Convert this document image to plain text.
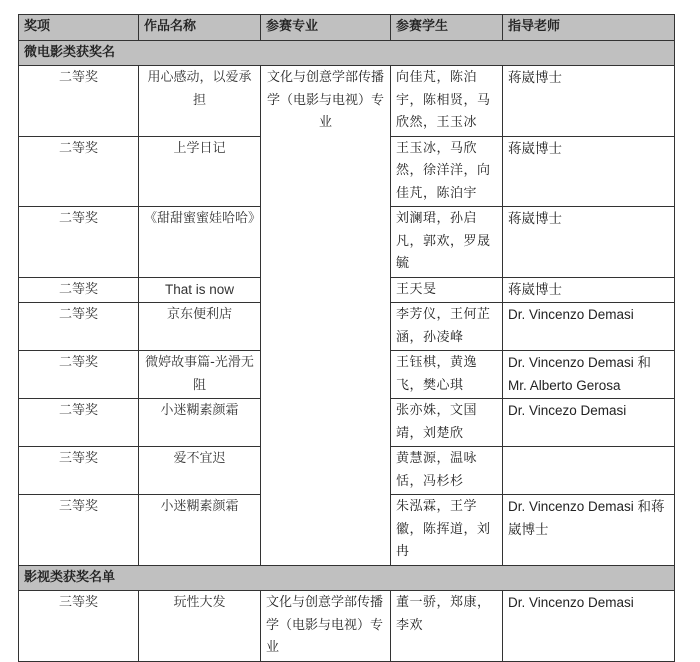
奖项	作品名称	参赛专业	参赛学生	指导老师
微电影类获奖名				
二等奖	用心感动，以爱承担	文化与创意学部传播学（电影与电视）专业	向佳芃，陈泊宇，陈相贤，马欣然，王玉冰	蒋崴博士
二等奖	上学日记		王玉冰，马欣然，徐洋洋，向佳芃，陈泊宇	蒋崴博士
二等奖	《甜甜蜜蜜娃哈哈》		刘澜珺，孙启凡，郭欢，罗晟毓	蒋崴博士
二等奖	That is now		王天旻	蒋崴博士
二等奖	京东便利店		李芳仪，王何芷涵，孙凌峰	Dr. Vincenzo Demasi
二等奖	微婷故事篇-光滑无阻		王钰棋，黄逸飞，樊心琪	Dr. Vincenzo Demasi 和 Mr. Alberto Gerosa
二等奖	小迷糊素颜霜		张亦姝，文国靖，刘楚欣	Dr. Vincezo Demasi
三等奖	爱不宜迟		黄慧源，温咏恬，冯杉杉	
三等奖	小迷糊素颜霜		朱泓霖，王学徽，陈挥道，刘冉	Dr. Vincenzo Demasi 和蒋崴博士
影视类获奖名单				
三等奖	玩性大发	文化与创意学部传播学（电影与电视）专业	董一骄，郑康，李欢	Dr. Vincenzo Demasi
